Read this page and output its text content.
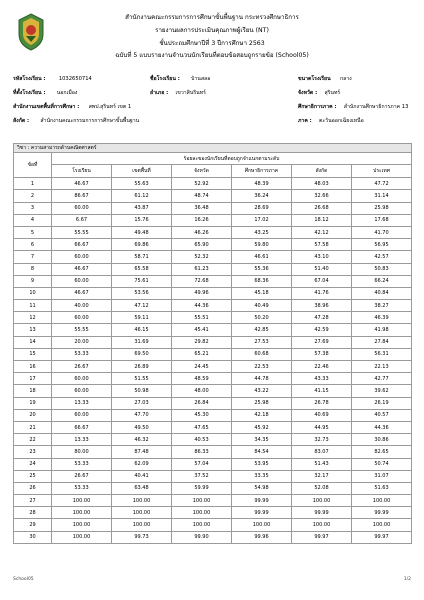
สำนักงานคณะกรรมการการศึกษาขั้นพื้นฐาน กระทรวงศึกษาธิการ
รายงานผลการประเมินคุณภาพผู้เรียน (NT)
ชั้นประถมศึกษาปีที่ 3 ปีการศึกษา 2563
ฉบับที่ 5 แบบรายงานจำนวนนักเรียนที่ตอบข้อสอบถูกรายข้อ (School05)
รหัสโรงเรียน :	1032650714	ชื่อโรงเรียน : บ้านสลอ	ขนาดโรงเรียน กลาง
ที่ตั้งโรงเรียน : นอกเมือง	อำเภอ : เขวาสินรินทร์	จังหวัด : สุรินทร์
สำนักงานเขตพื้นที่การศึกษา : สพป.สุรินทร์ เขต 1	ศึกษาธิการภาค : สำนักงานศึกษาธิการภาค 13
สังกัด : สำนักงานคณะกรรมการการศึกษาขั้นพื้นฐาน	ภาค : ตะวันออกเฉียงเหนือ
วิชา : ความสามารถด้านคณิตศาสตร์						
ข้อที่	ร้อยละของนักเรียนที่ตอบถูกจำแนกตามระดับ					
	โรงเรียน	เขตพื้นที่	จังหวัด	ศึกษาธิการภาค	สังกัด	ประเทศ
1	46.67	55.63	52.92	48.39	48.03	47.72
2	86.67	61.12	48.74	36.24	32.66	31.14
3	60.00	43.87	36.48	28.69	26.68	25.98
4	6.67	15.76	16.26	17.02	18.12	17.68
5	55.55	49.48	46.26	43.25	42.12	41.70
6	66.67	69.86	65.90	59.80	57.58	56.95
7	60.00	58.71	52.32	46.61	43.10	42.57
8	46.67	65.58	61.23	55.36	51.40	50.83
9	60.00	75.61	72.68	68.36	67.04	66.24
10	46.67	53.56	49.96	45.18	41.76	40.84
11	40.00	47.12	44.36	40.49	38.96	38.27
12	60.00	59.11	55.51	50.20	47.28	46.39
13	55.55	46.15	45.41	42.85	42.59	41.98
14	20.00	31.69	29.82	27.53	27.69	27.84
15	53.33	69.50	65.21	60.68	57.38	56.31
16	26.67	26.89	24.45	22.53	22.46	22.13
17	60.00	51.55	48.59	44.78	43.33	42.77
18	60.00	50.98	48.00	43.22	41.15	39.62
19	13.33	27.03	26.84	25.98	26.78	26.19
20	60.00	47.70	45.30	42.18	40.69	40.57
21	66.67	49.50	47.65	45.92	44.95	44.36
22	13.33	46.32	40.53	34.35	32.73	30.86
23	80.00	87.48	86.33	84.54	83.07	82.65
24	53.33	62.09	57.04	53.95	51.43	50.74
25	26.67	40.41	37.52	33.35	32.17	31.07
26	53.33	63.48	59.99	54.98	52.08	51.63
27	100.00	100.00	100.00	99.99	100.00	100.00
28	100.00	100.00	100.00	99.99	99.99	99.99
29	100.00	100.00	100.00	100.00	100.00	100.00
30	100.00	99.73	99.90	99.96	99.97	99.97
School05	1/2
